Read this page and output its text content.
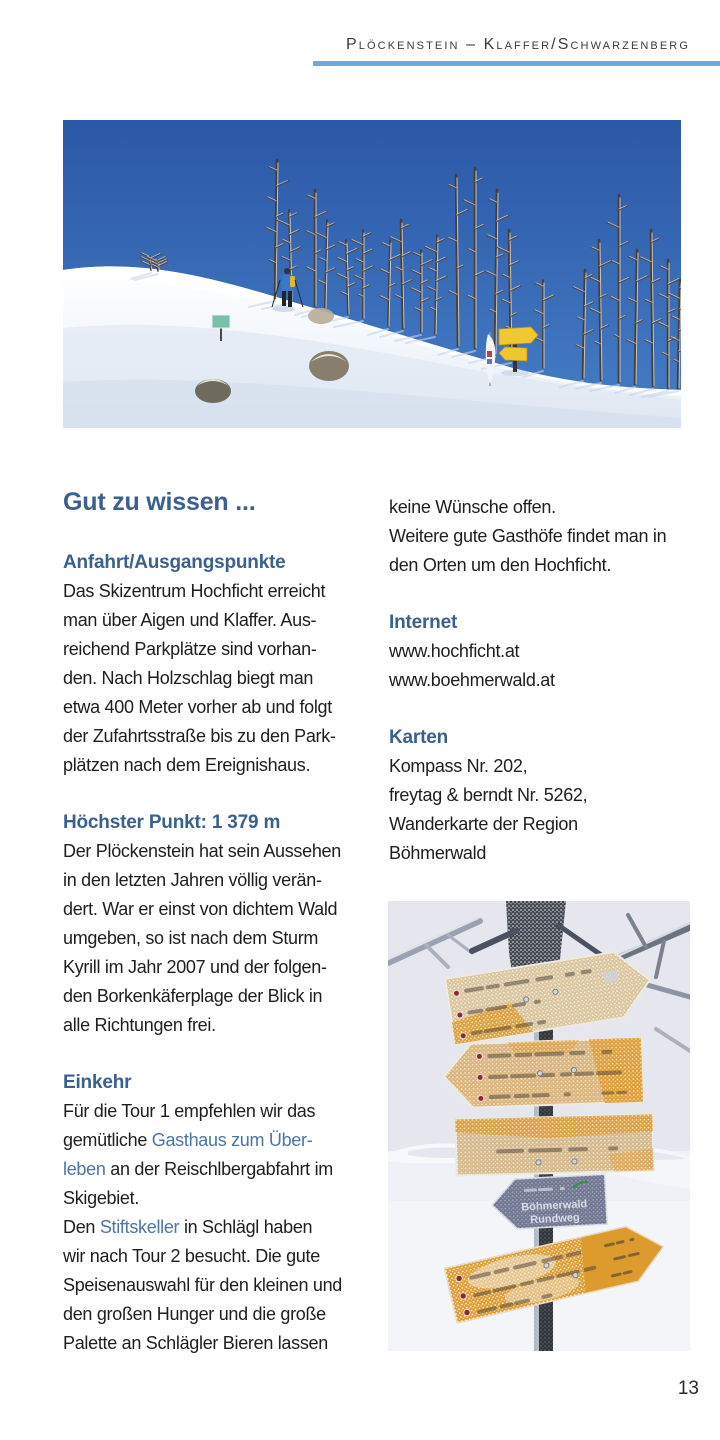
Plöckenstein – Klaffer/Schwarzenberg
Gut zu wissen ...
Anfahrt/Ausgangspunkte
Das Skizentrum Hochficht erreicht
man über Aigen und Klaffer. Aus-
reichend Parkplätze sind vorhan-
den. Nach Holzschlag biegt man
etwa 400 Meter vorher ab und folgt
der Zufahrtsstraße bis zu den Park-
plätzen nach dem Ereignishaus.
Höchster Punkt: 1 379 m
Der Plöckenstein hat sein Aussehen
in den letzten Jahren völlig verän-
dert. War er einst von dichtem Wald
umgeben, so ist nach dem Sturm
Kyrill im Jahr 2007 und der folgen-
den Borkenkäferplage der Blick in
alle Richtungen frei.
Einkehr
Für die Tour 1 empfehlen wir das
gemütliche Gasthaus zum Über-
leben an der Reischlbergabfahrt im
Skigebiet.
Den Stiftskeller in Schlägl haben
wir nach Tour 2 besucht. Die gute
Speisenauswahl für den kleinen und
den großen Hunger und die große
Palette an Schlägler Bieren lassen
keine Wünsche offen.
Weitere gute Gasthöfe findet man in
den Orten um den Hochficht.
Internet
www.hochficht.at
www.boehmerwald.at
Karten
Kompass Nr. 202,
freytag & berndt Nr. 5262,
Wanderkarte der Region
Böhmerwald
Böhmerwald
Rundweg
13
